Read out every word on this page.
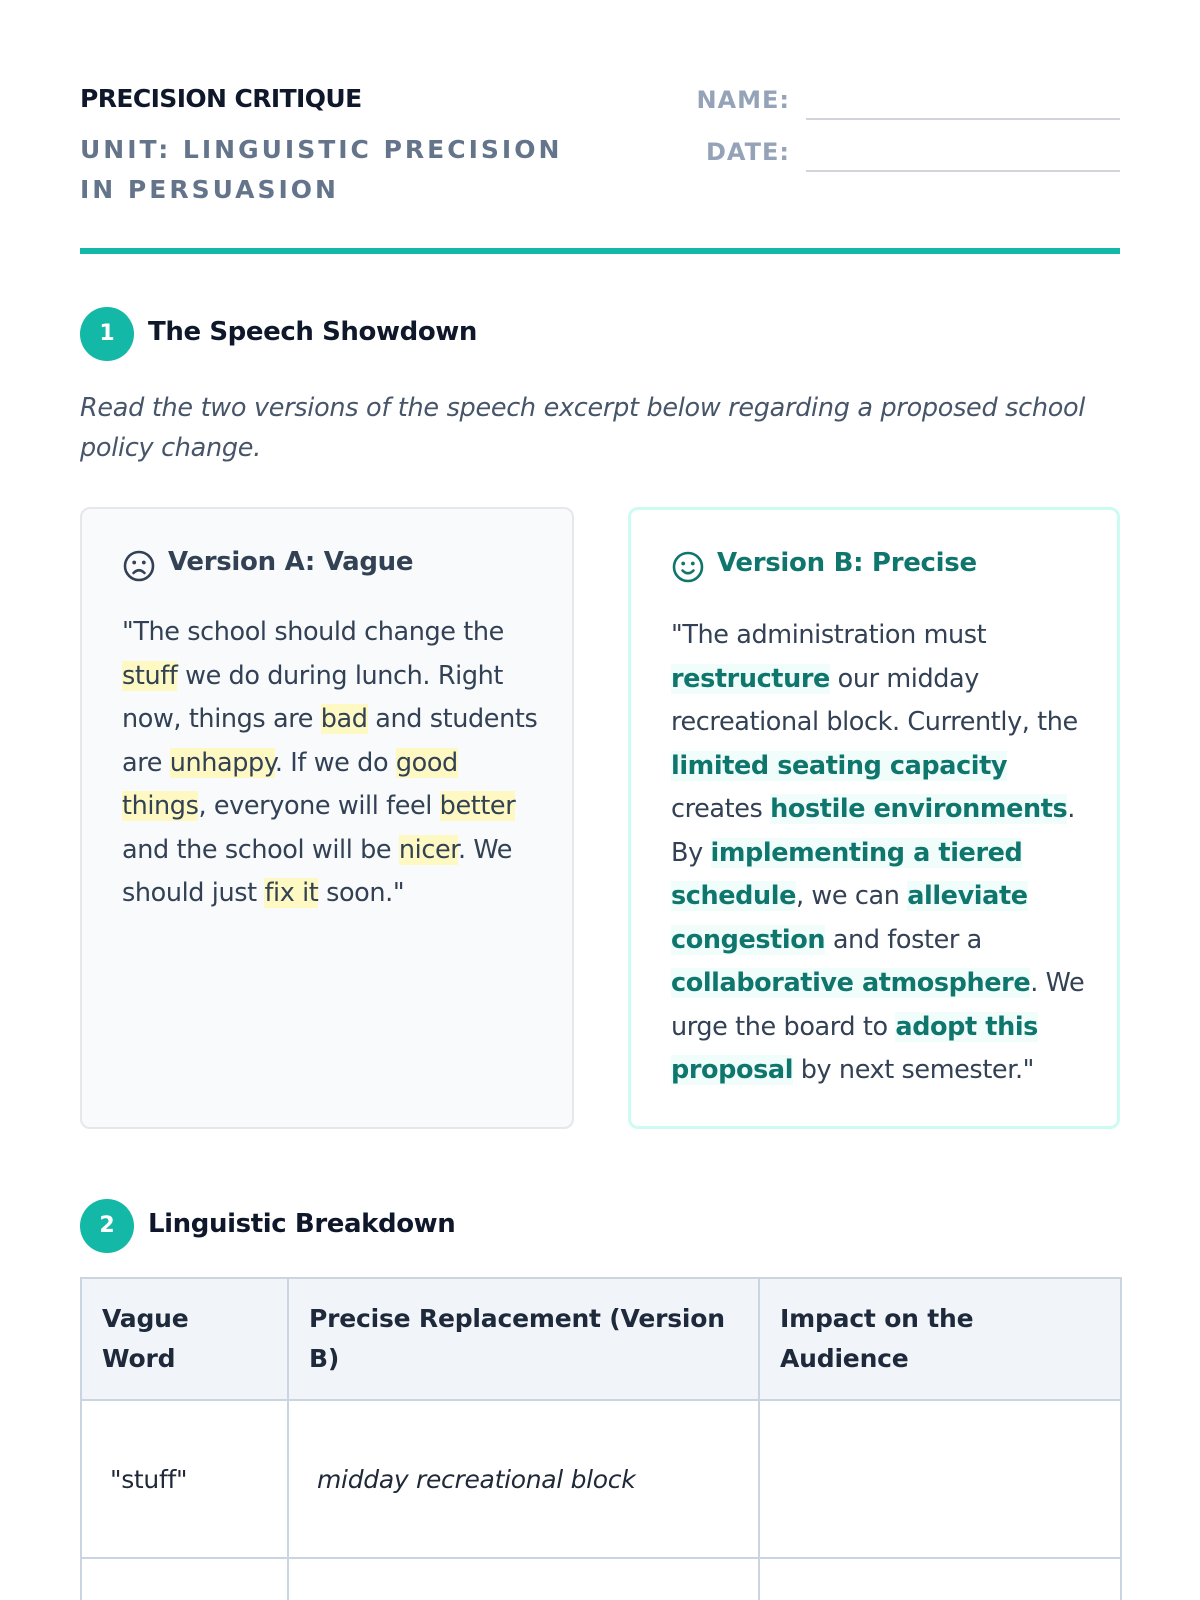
PRECISION CRITIQUE
UNIT: LINGUISTIC PRECISION IN PERSUASION
NAME:
DATE:
1	The Speech Showdown
Read the two versions of the speech excerpt below regarding a proposed school policy change.
Version A: Vague
"The school should change the stuff we do during lunch. Right now, things are bad and students are unhappy. If we do good things, everyone will feel better and the school will be nicer. We should just fix it soon."
Version B: Precise
"The administration must restructure our midday recreational block. Currently, the limited seating capacity creates hostile environments. By implementing a tiered schedule, we can alleviate congestion and foster a collaborative atmosphere. We urge the board to adopt this proposal by next semester."
2	Linguistic Breakdown
Vague Word	Precise Replacement (Version B)	Impact on the Audience
"stuff"	midday recreational block	
